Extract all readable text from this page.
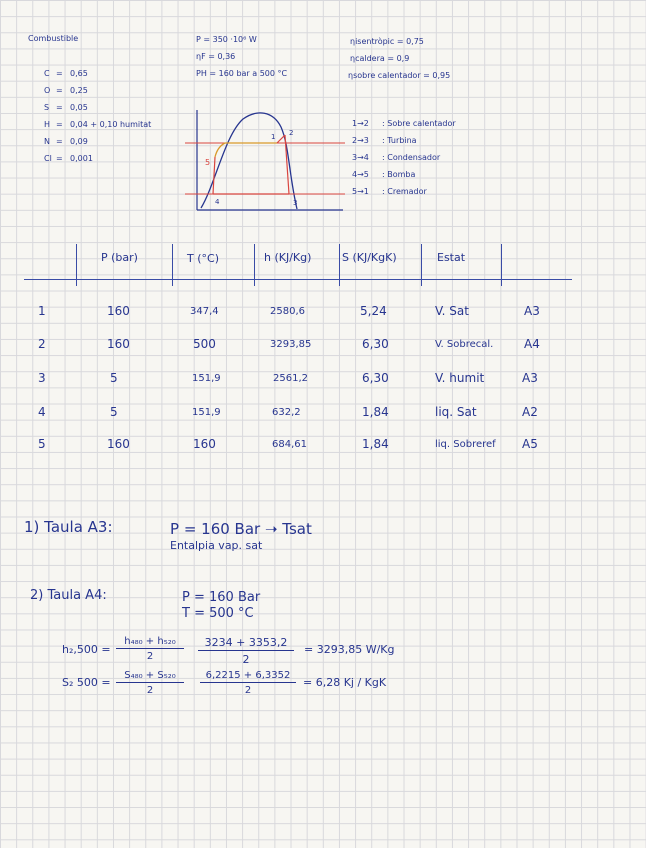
Combustible
C = 0,65
O = 0,25
S = 0,05
H = 0,04 + 0,10 humitat
N = 0,09
Cl = 0,001
P = 350 ·10⁶ W
ηF = 0,36
PH = 160 bar a 500 °C
ηisentròpic = 0,75
ηcaldera = 0,9
ηsobre calentador = 0,95
1→2 : Sobre calentador
2→3 : Turbina
3→4 : Condensador
4→5 : Bomba
5→1 : Cremador
1 2
3
4
5
P (bar)	T (°C)	h (KJ/Kg)	S (KJ/KgK)	Estat
1	160	347,4	2580,6	5,24	V. Sat	A3
2	160	500	3293,85	6,30	V. Sobrecal.	A4
3	5	151,9	2561,2	6,30	V. humit	A3
4	5	151,9	632,2	1,84	liq. Sat	A2
5	160	160	684,61	1,84	liq. Sobreref A5
1) Taula A3:	P = 160 Bar ➝ Tsat
Entalpia vap. sat
2) Taula A4:	P = 160 Bar
T = 500 °C
$h_2,500 = \frac{\text{h₄₈₀ + h₅₂₀}}{2} \frac{3234 + 3353,2}{2} = 3293,85$ W/Kg
S₂ $500 = \frac{\text{S₄₈₀ + S₅₂₀}}{2} \frac{6,2215 + 6,3352}{2} = 6,28$ Kj / KgK
